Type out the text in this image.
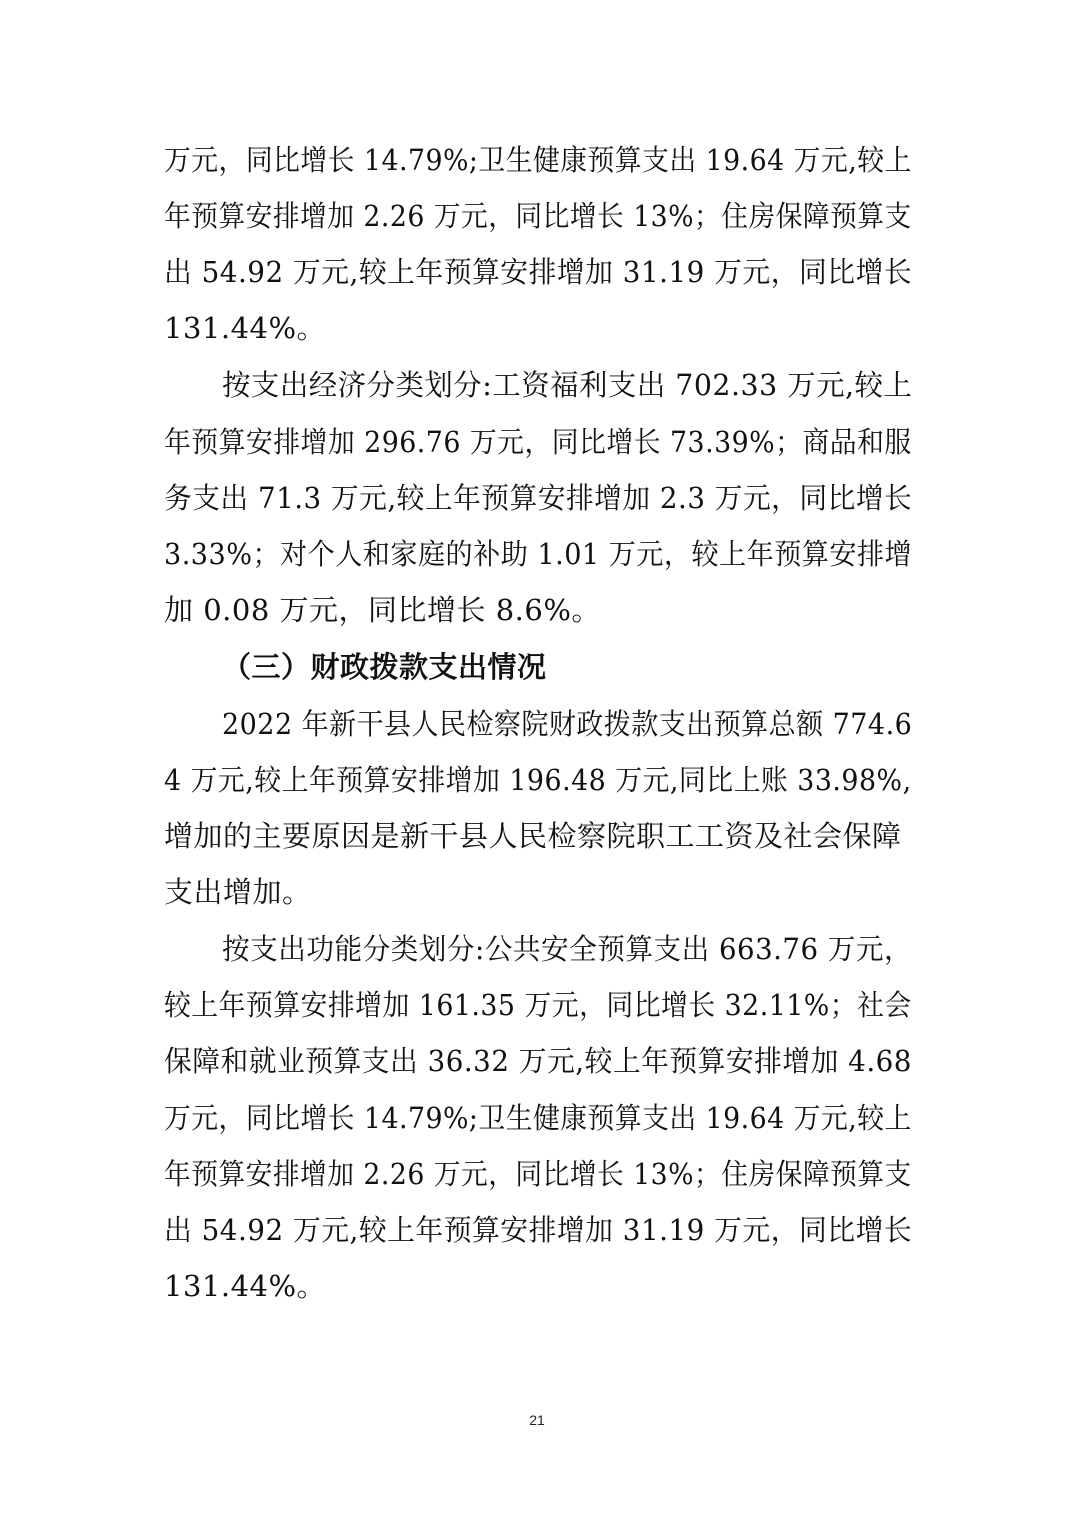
万元，同比增长 14.79%;卫生健康预算支出 19.64 万元,较上
年预算安排增加 2.26 万元，同比增长 13%；住房保障预算支
出 54.92 万元,较上年预算安排增加 31.19 万元，同比增长
131.44%。
按支出经济分类划分:工资福利支出 702.33 万元,较上
年预算安排增加 296.76 万元，同比增长 73.39%；商品和服
务支出 71.3 万元,较上年预算安排增加 2.3 万元，同比增长
3.33%；对个人和家庭的补助 1.01 万元，较上年预算安排增
加 0.08 万元，同比增长 8.6%。
（三）财政拨款支出情况
2022 年新干县人民检察院财政拨款支出预算总额 774.6
4 万元,较上年预算安排增加 196.48 万元,同比上账 33.98%,
增加的主要原因是新干县人民检察院职工工资及社会保障
支出增加。
按支出功能分类划分:公共安全预算支出 663.76 万元，
较上年预算安排增加 161.35 万元，同比增长 32.11%；社会
保障和就业预算支出 36.32 万元,较上年预算安排增加 4.68
万元，同比增长 14.79%;卫生健康预算支出 19.64 万元,较上
年预算安排增加 2.26 万元，同比增长 13%；住房保障预算支
出 54.92 万元,较上年预算安排增加 31.19 万元，同比增长
131.44%。
21
